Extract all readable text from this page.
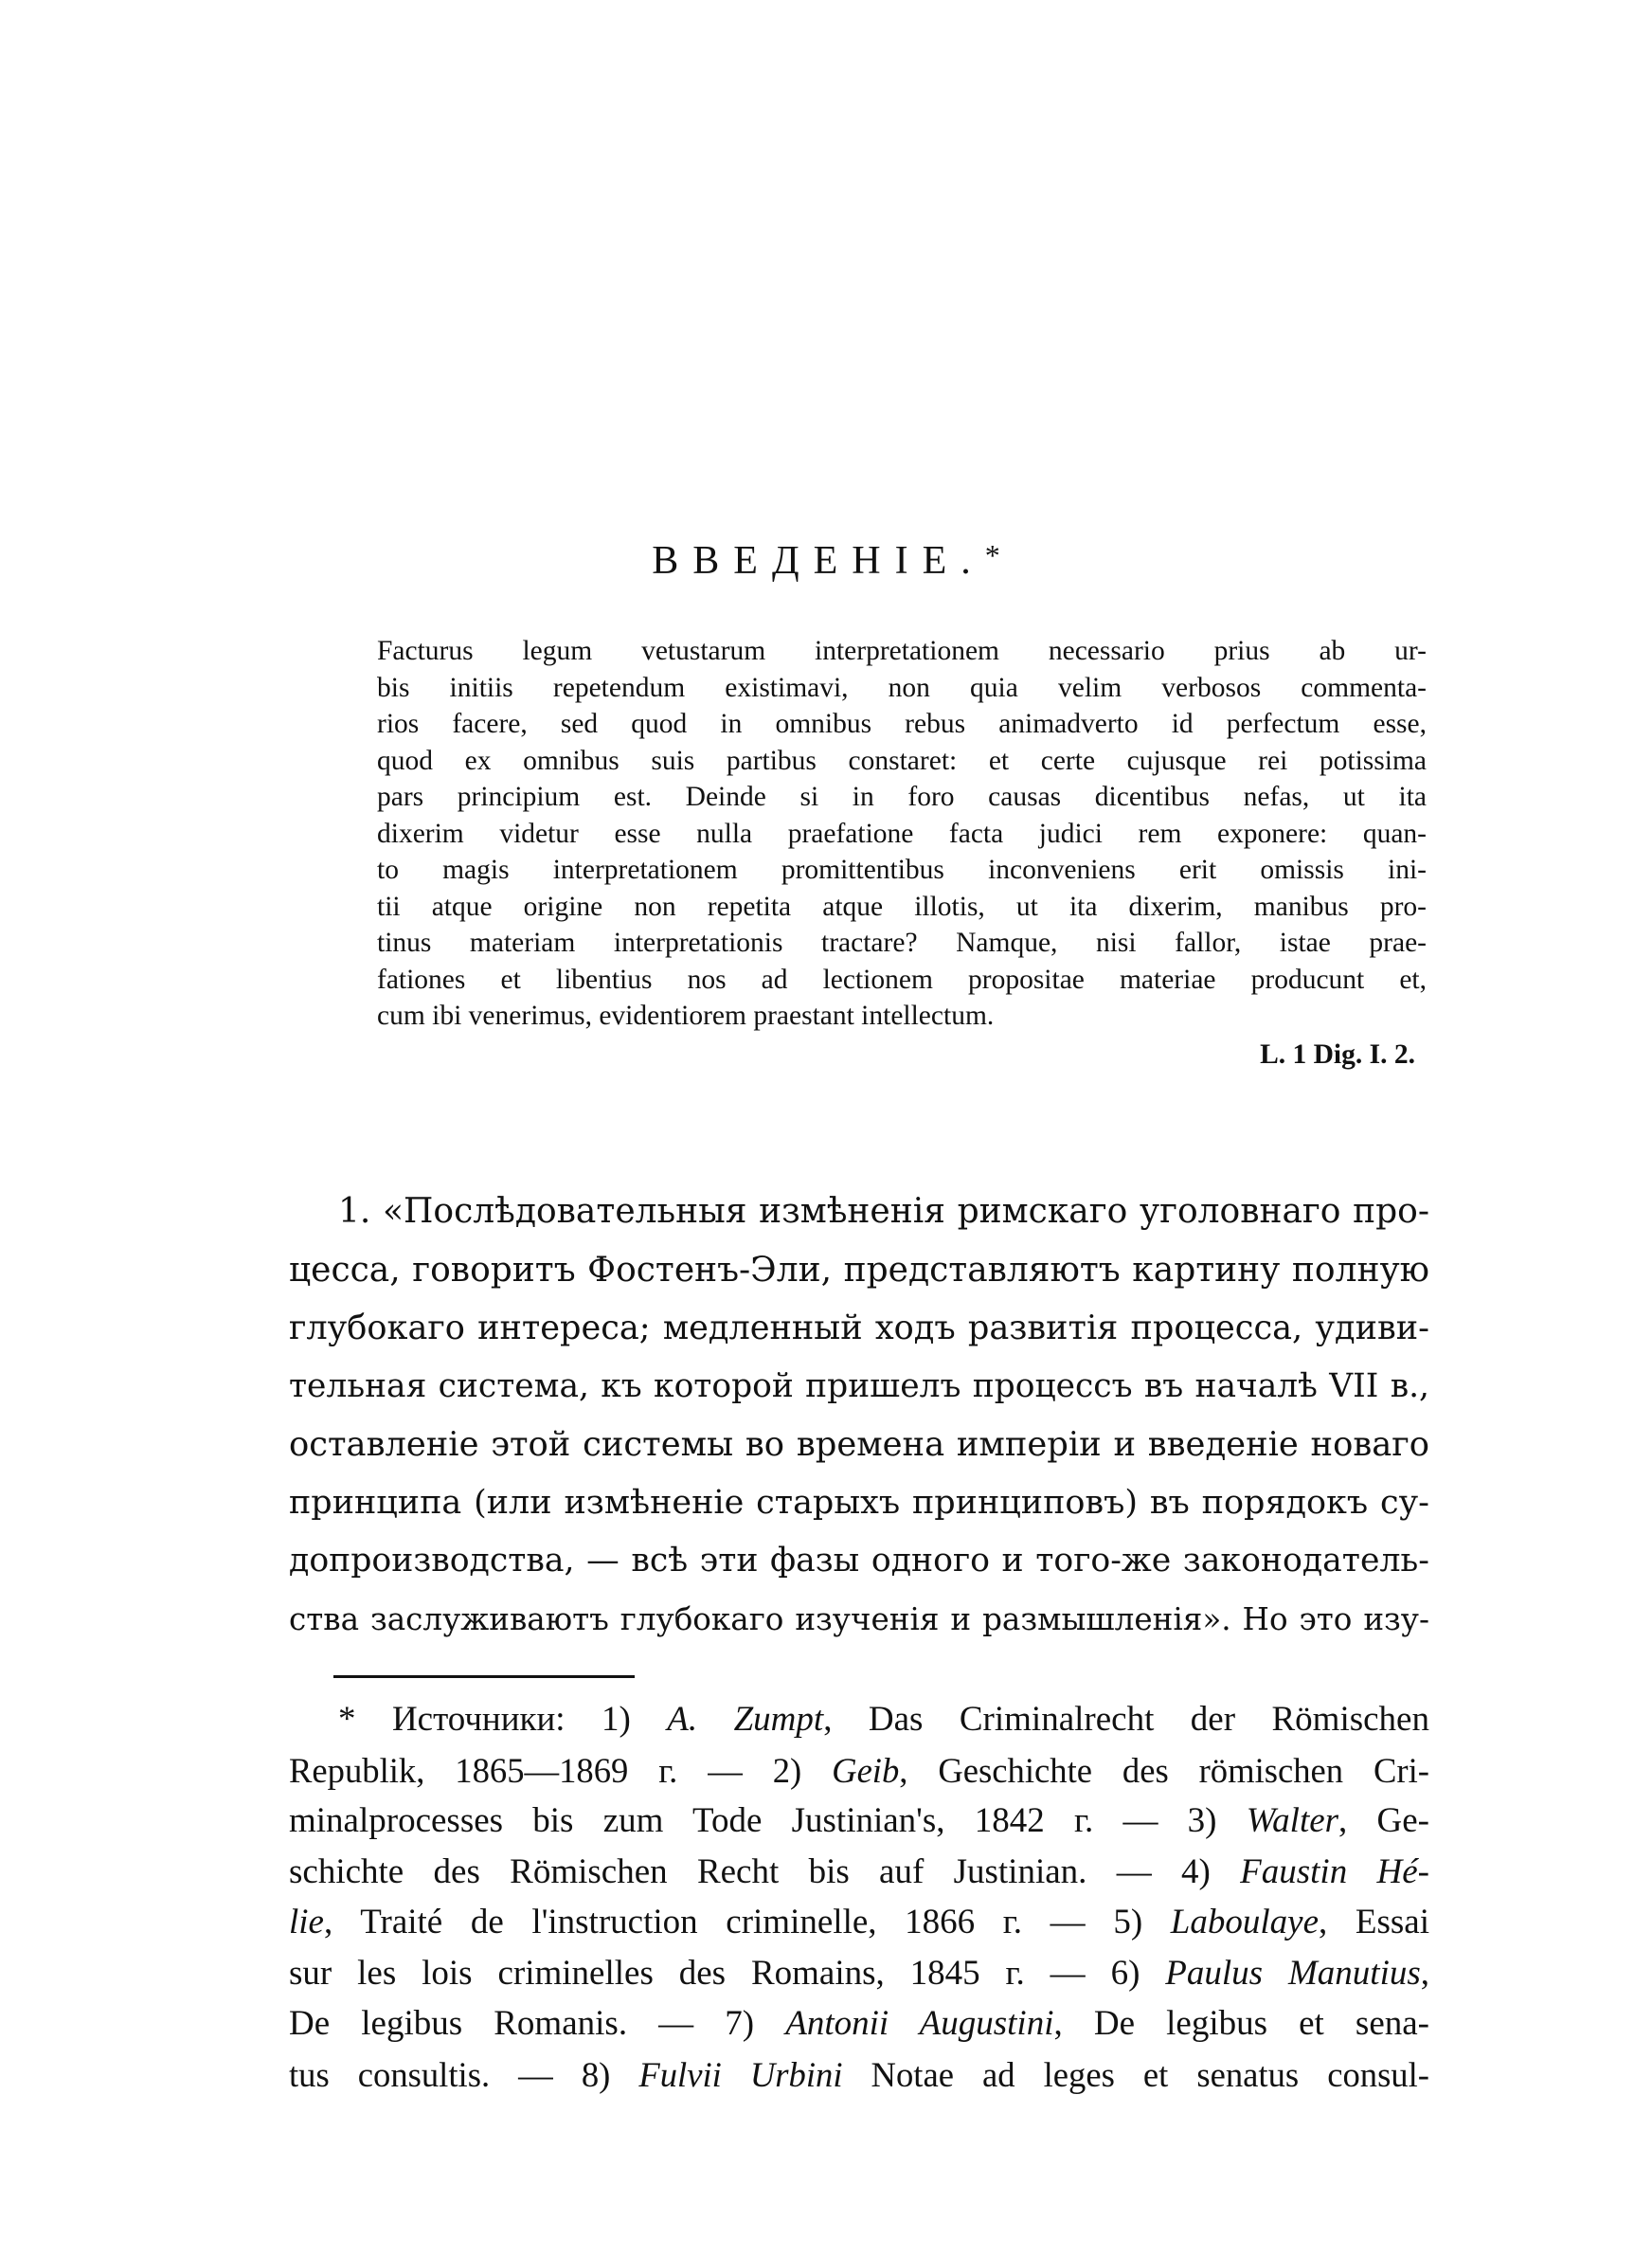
ВВЕДЕНІЕ.*
Facturus legum vetustarum interpretationem necessario prius ab ur-
bis initiis repetendum existimavi, non quia velim verbosos commenta-
rios facere, sed quod in omnibus rebus animadverto id perfectum esse,
quod ex omnibus suis partibus constaret: et certe cujusque rei potissima
pars principium est. Deinde si in foro causas dicentibus nefas, ut ita
dixerim videtur esse nulla praefatione facta judici rem exponere: quan-
to magis interpretationem promittentibus inconveniens erit omissis ini-
tii atque origine non repetita atque illotis, ut ita dixerim, manibus pro-
tinus materiam interpretationis tractare? Namque, nisi fallor, istae prae-
fationes et libentius nos ad lectionem propositae materiae producunt et,
cum ibi venerimus, evidentiorem praestant intellectum.
L. 1 Dig. I. 2.
1. «Послѣдовательныя измѣненія римскаго уголовнаго про-
цесса, говоритъ Фостенъ-Эли, представляютъ картину полную
глубокаго интереса; медленный ходъ развитія процесса, удиви-
тельная система, къ которой пришелъ процессъ въ началѣ VII в.,
оставленіе этой системы во времена имперіи и введеніе новаго
принципа (или измѣненіе старыхъ принциповъ) въ порядокъ су-
допроизводства, — всѣ эти фазы одного и того-же законодатель-
ства заслуживаютъ глубокаго изученія и размышленія». Но это изу-
* Источники: 1) A. Zumpt, Das Criminalrecht der Römischen
Republik, 1865—1869 г. — 2) Geib, Geschichte des römischen Cri-
minalprocesses bis zum Tode Justinian's, 1842 г. — 3) Walter, Ge-
schichte des Römischen Recht bis auf Justinian. — 4) Faustin Hé-
lie, Traité de l'instruction criminelle, 1866 г. — 5) Laboulaye, Essai
sur les lois criminelles des Romains, 1845 г. — 6) Paulus Manutius,
De legibus Romanis. — 7) Antonii Augustini, De legibus et sena-
tus consultis. — 8) Fulvii Urbini Notae ad leges et senatus consul-
